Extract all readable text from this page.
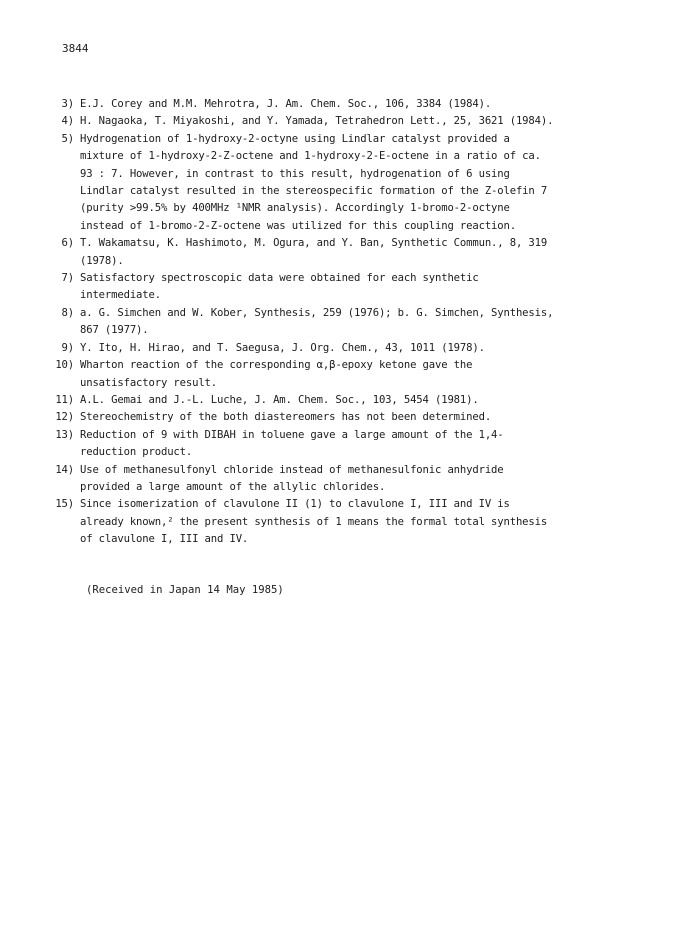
3844
3) E.J. Corey and M.M. Mehrotra, J. Am. Chem. Soc., 106, 3384 (1984).
4) H. Nagaoka, T. Miyakoshi, and Y. Yamada, Tetrahedron Lett., 25, 3621 (1984).
5) Hydrogenation of 1-hydroxy-2-octyne using Lindlar catalyst provided a
mixture of 1-hydroxy-2-Z-octene and 1-hydroxy-2-E-octene in a ratio of ca.
93 : 7. However, in contrast to this result, hydrogenation of 6 using
Lindlar catalyst resulted in the stereospecific formation of the Z-olefin 7
(purity >99.5% by 400MHz ¹NMR analysis). Accordingly 1-bromo-2-octyne
instead of 1-bromo-2-Z-octene was utilized for this coupling reaction.
6) T. Wakamatsu, K. Hashimoto, M. Ogura, and Y. Ban, Synthetic Commun., 8, 319
(1978).
7) Satisfactory spectroscopic data were obtained for each synthetic
intermediate.
8) a. G. Simchen and W. Kober, Synthesis, 259 (1976); b. G. Simchen, Synthesis,
867 (1977).
9) Y. Ito, H. Hirao, and T. Saegusa, J. Org. Chem., 43, 1011 (1978).
10) Wharton reaction of the corresponding α,β-epoxy ketone gave the
unsatisfactory result.
11) A.L. Gemai and J.-L. Luche, J. Am. Chem. Soc., 103, 5454 (1981).
12) Stereochemistry of the both diastereomers has not been determined.
13) Reduction of 9 with DIBAH in toluene gave a large amount of the 1,4-
reduction product.
14) Use of methanesulfonyl chloride instead of methanesulfonic anhydride
provided a large amount of the allylic chlorides.
15) Since isomerization of clavulone II (1) to clavulone I, III and IV is
already known,² the present synthesis of 1 means the formal total synthesis
of clavulone I, III and IV.
(Received in Japan 14 May 1985)
